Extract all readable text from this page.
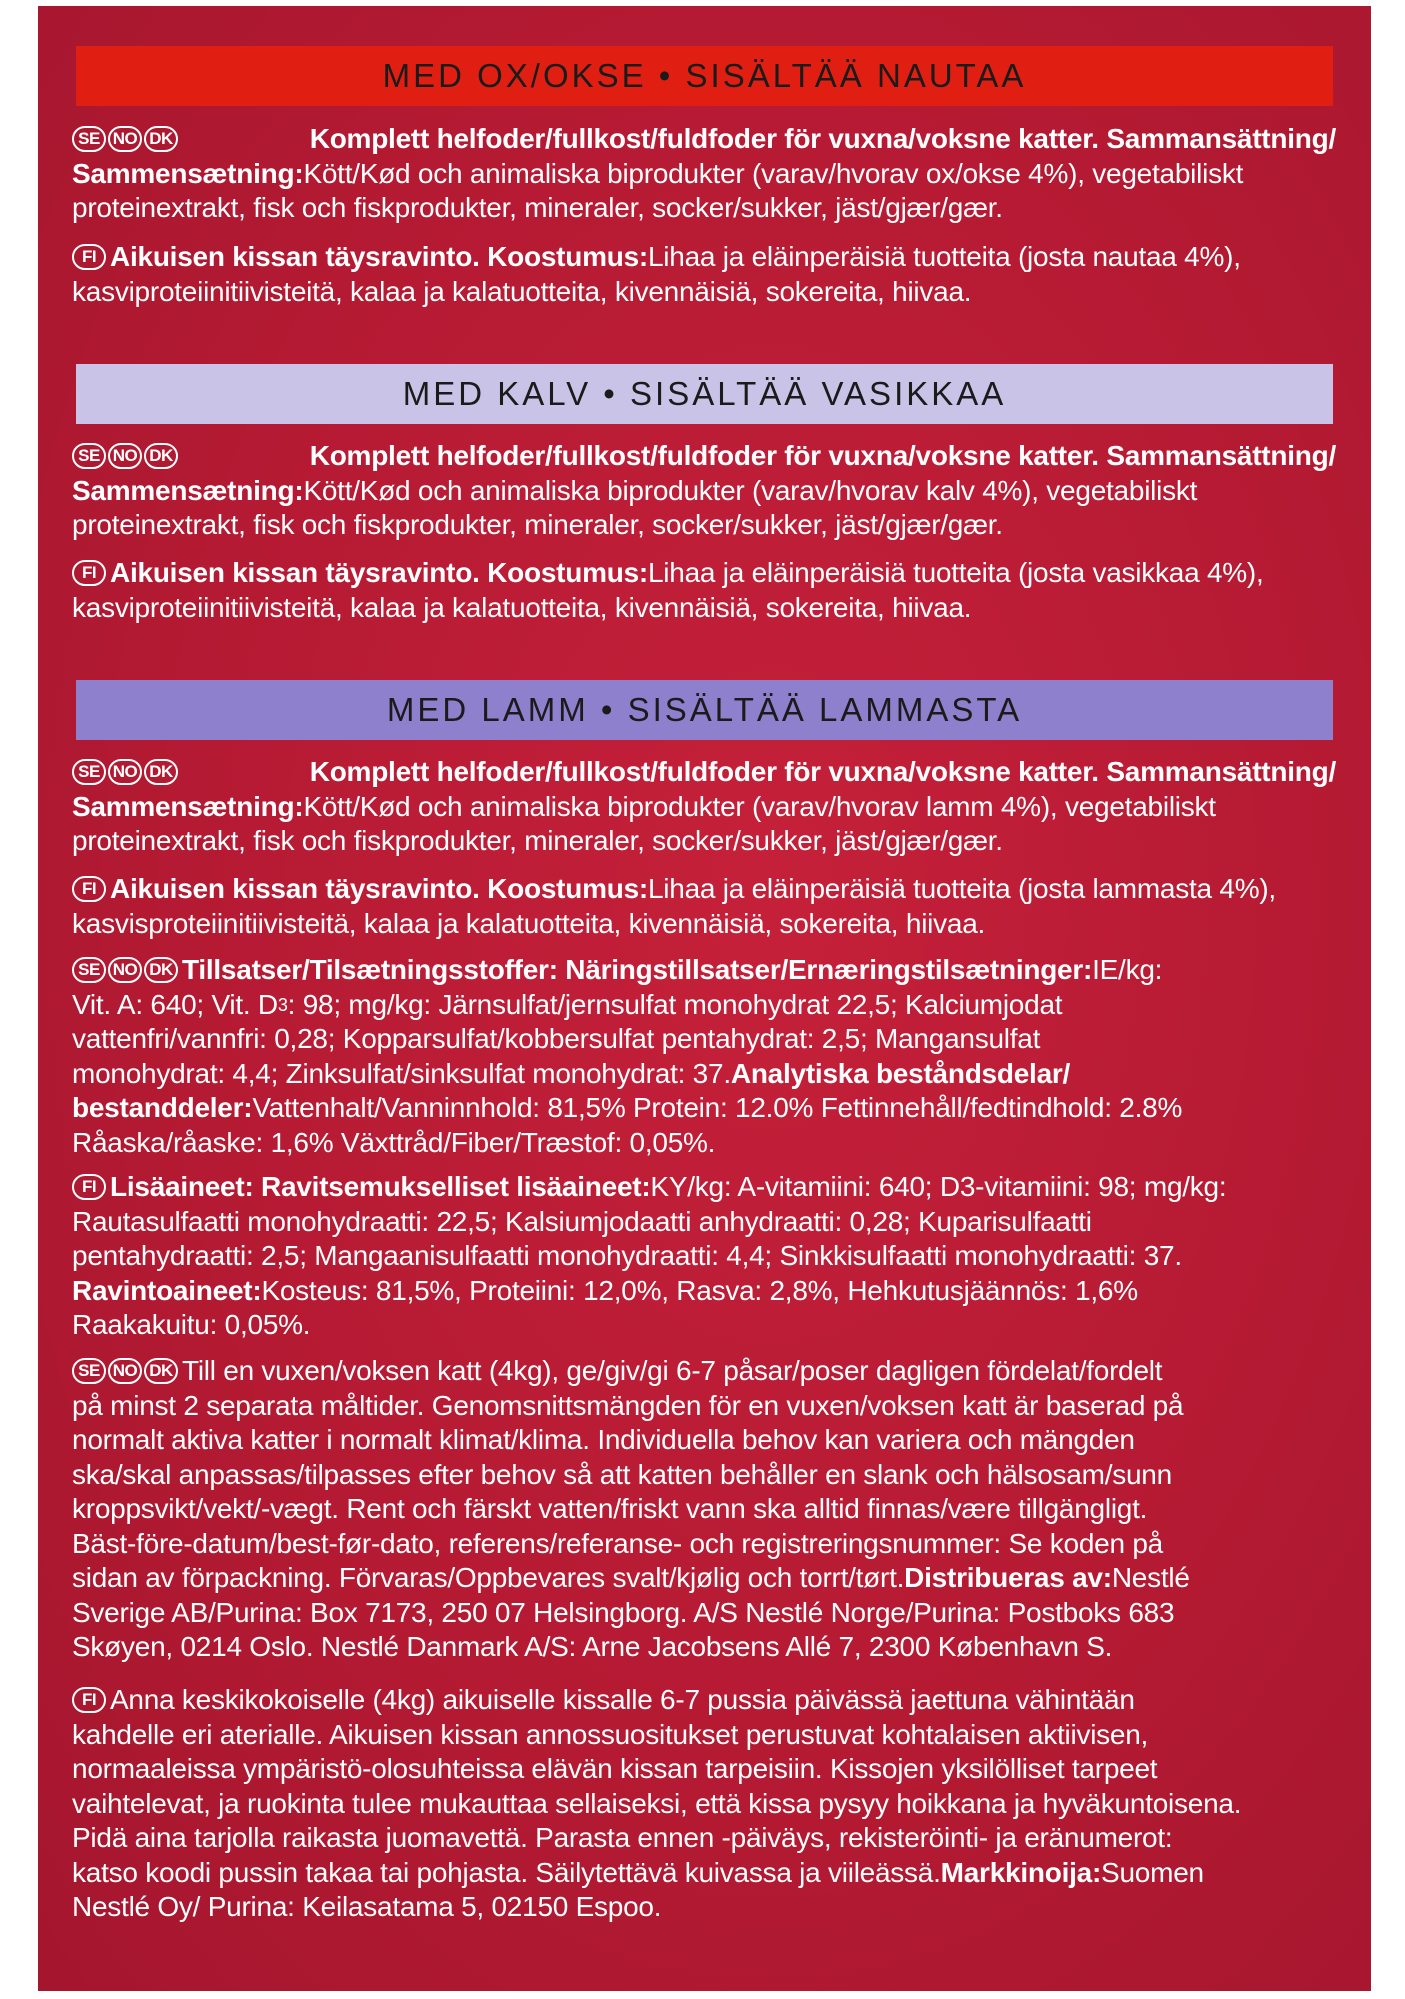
MED OX/OKSE • SISÄLTÄÄ NAUTAA
SE NO DK	Komplett helfoder/fullkost/fuldfoder för vuxna/voksne katter. Sammansättning/
Sammensætning: Kött/Kød och animaliska biprodukter (varav/hvorav ox/okse 4%), vegetabiliskt
proteinextrakt, fisk och fiskprodukter, mineraler, socker/sukker, jäst/gjær/gær.
FI Aikuisen kissan täysravinto. Koostumus: Lihaa ja eläinperäisiä tuotteita (josta nautaa 4%),
kasviproteiinitiivisteitä, kalaa ja kalatuotteita, kivennäisiä, sokereita, hiivaa.
MED KALV • SISÄLTÄÄ VASIKKAA
SE NO DK	Komplett helfoder/fullkost/fuldfoder för vuxna/voksne katter. Sammansättning/
Sammensætning: Kött/Kød och animaliska biprodukter (varav/hvorav kalv 4%), vegetabiliskt
proteinextrakt, fisk och fiskprodukter, mineraler, socker/sukker, jäst/gjær/gær.
FI Aikuisen kissan täysravinto. Koostumus: Lihaa ja eläinperäisiä tuotteita (josta vasikkaa 4%),
kasviproteiinitiivisteitä, kalaa ja kalatuotteita, kivennäisiä, sokereita, hiivaa.
MED LAMM • SISÄLTÄÄ LAMMASTA
SE NO DK	Komplett helfoder/fullkost/fuldfoder för vuxna/voksne katter. Sammansättning/
Sammensætning: Kött/Kød och animaliska biprodukter (varav/hvorav lamm 4%), vegetabiliskt
proteinextrakt, fisk och fiskprodukter, mineraler, socker/sukker, jäst/gjær/gær.
FI Aikuisen kissan täysravinto. Koostumus: Lihaa ja eläinperäisiä tuotteita (josta lammasta 4%),
kasvisproteiinitiivisteitä, kalaa ja kalatuotteita, kivennäisiä, sokereita, hiivaa.
SE NO DK Tillsatser/Tilsætningsstoffer: Näringstillsatser/Ernæringstilsætninger: IE/kg:
Vit. A: 640; Vit. D 3 : 98; mg/kg: Järnsulfat/jernsulfat monohydrat 22,5; Kalciumjodat
vattenfri/vannfri: 0,28; Kopparsulfat/kobbersulfat pentahydrat: 2,5; Mangansulfat
monohydrat: 4,4; Zinksulfat/sinksulfat monohydrat: 37. Analytiska beståndsdelar/
bestanddeler: Vattenhalt/Vanninnhold: 81,5% Protein: 12.0% Fettinnehåll/fedtindhold: 2.8%
Råaska/råaske: 1,6% Växttråd/Fiber/Træstof: 0,05%.
FI Lisäaineet: Ravitsemukselliset lisäaineet: KY/kg: A-vitamiini: 640; D3-vitamiini: 98; mg/kg:
Rautasulfaatti monohydraatti: 22,5; Kalsiumjodaatti anhydraatti: 0,28; Kuparisulfaatti
pentahydraatti: 2,5; Mangaanisulfaatti monohydraatti: 4,4; Sinkkisulfaatti monohydraatti: 37.
Ravintoaineet: Kosteus: 81,5%, Proteiini: 12,0%, Rasva: 2,8%, Hehkutusjäännös: 1,6%
Raakakuitu: 0,05%.
SE NO DK Till en vuxen/voksen katt (4kg), ge/giv/gi 6-7 påsar/poser dagligen fördelat/fordelt
på minst 2 separata måltider. Genomsnittsmängden för en vuxen/voksen katt är baserad på
normalt aktiva katter i normalt klimat/klima. Individuella behov kan variera och mängden
ska/skal anpassas/tilpasses efter behov så att katten behåller en slank och hälsosam/sunn
kroppsvikt/vekt/-vægt. Rent och färskt vatten/friskt vann ska alltid finnas/være tillgängligt.
Bäst-före-datum/best-før-dato, referens/referanse- och registreringsnummer: Se koden på
sidan av förpackning. Förvaras/Oppbevares svalt/kjølig och torrt/tørt. Distribueras av: Nestlé
Sverige AB/Purina: Box 7173, 250 07 Helsingborg. A/S Nestlé Norge/Purina: Postboks 683
Skøyen, 0214 Oslo. Nestlé Danmark A/S: Arne Jacobsens Allé 7, 2300 København S.
FI Anna keskikokoiselle (4kg) aikuiselle kissalle 6-7 pussia päivässä jaettuna vähintään
kahdelle eri aterialle. Aikuisen kissan annossuositukset perustuvat kohtalaisen aktiivisen,
normaaleissa ympäristö-olosuhteissa elävän kissan tarpeisiin. Kissojen yksilölliset tarpeet
vaihtelevat, ja ruokinta tulee mukauttaa sellaiseksi, että kissa pysyy hoikkana ja hyväkuntoisena.
Pidä aina tarjolla raikasta juomavettä. Parasta ennen -päiväys, rekisteröinti- ja eränumerot:
katso koodi pussin takaa tai pohjasta. Säilytettävä kuivassa ja viileässä. Markkinoija: Suomen
Nestlé Oy/ Purina: Keilasatama 5, 02150 Espoo.
